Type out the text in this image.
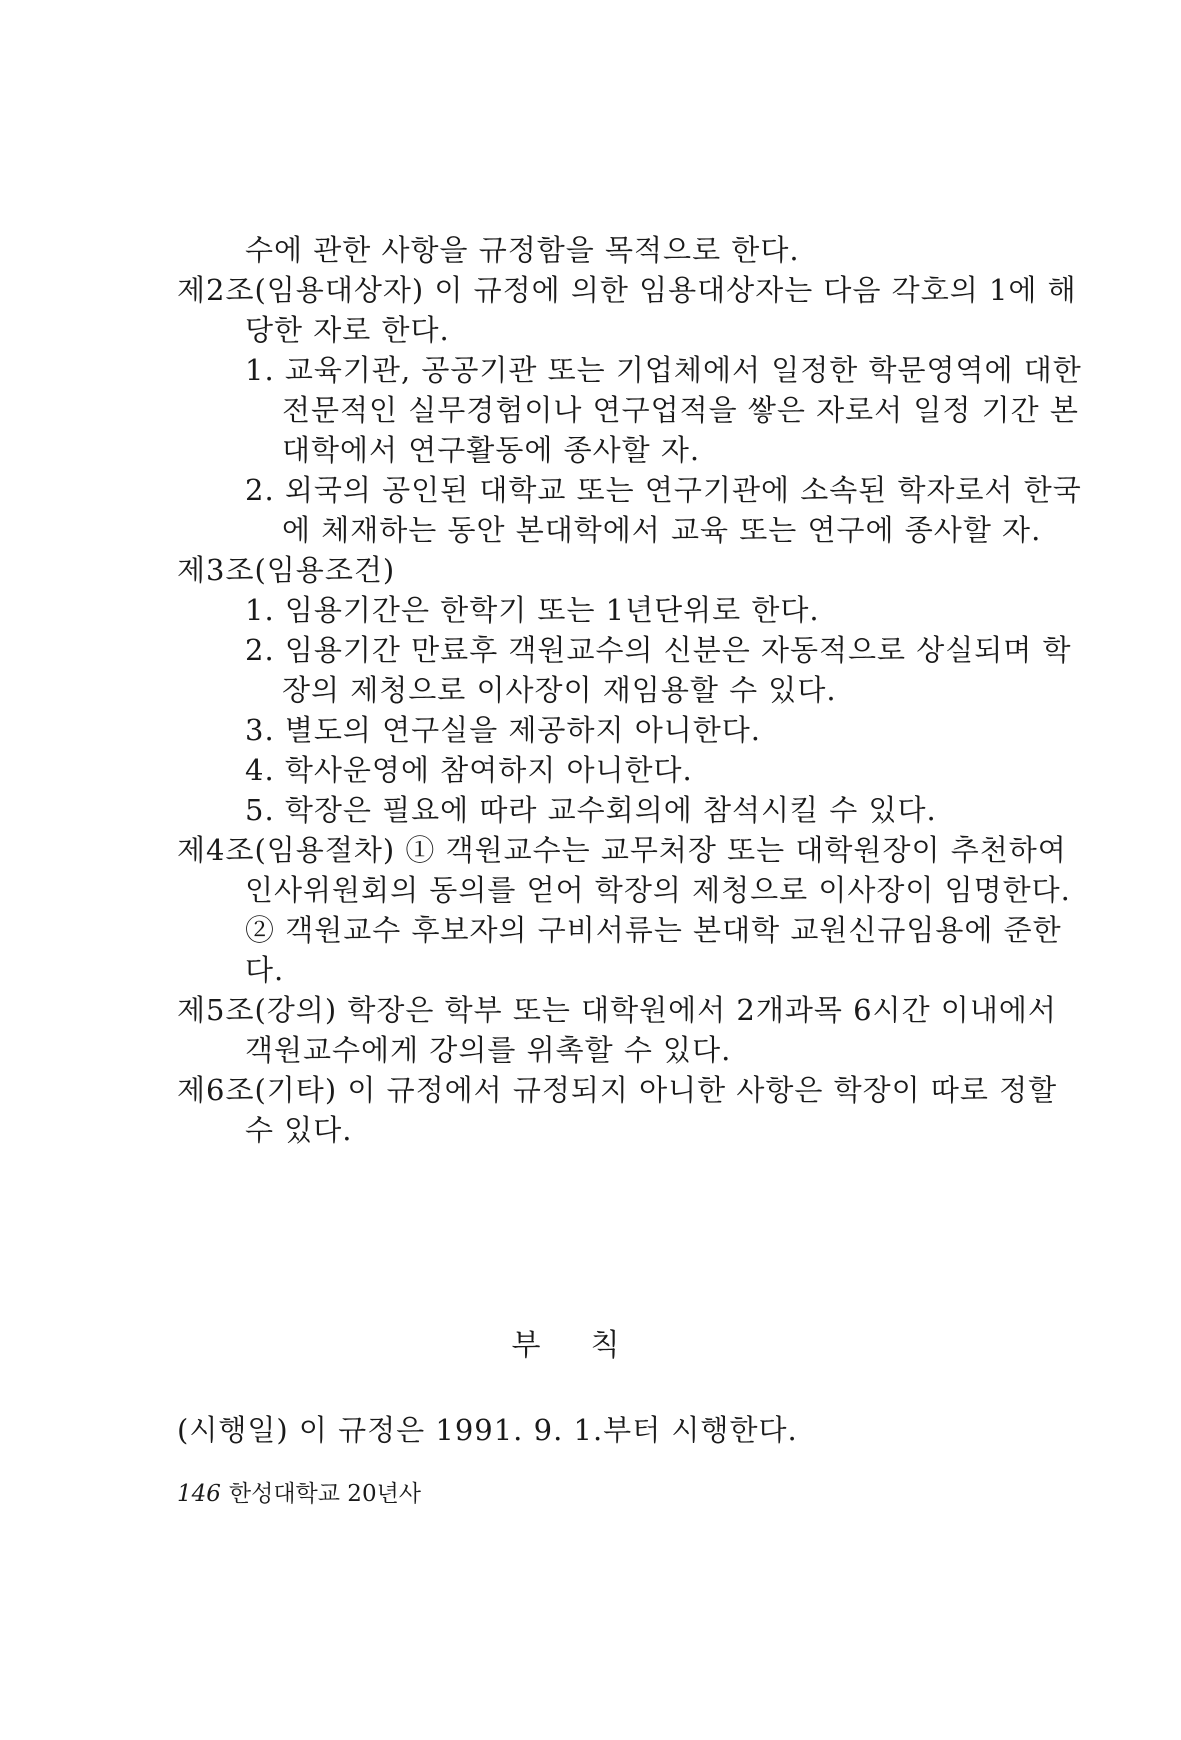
수에 관한 사항을 규정함을 목적으로 한다.
제2조(임용대상자) 이 규정에 의한 임용대상자는 다음 각호의 1에 해
당한 자로 한다.
1. 교육기관, 공공기관 또는 기업체에서 일정한 학문영역에 대한
전문적인 실무경험이나 연구업적을 쌓은 자로서 일정 기간 본
대학에서 연구활동에 종사할 자.
2. 외국의 공인된 대학교 또는 연구기관에 소속된 학자로서 한국
에 체재하는 동안 본대학에서 교육 또는 연구에 종사할 자.
제3조(임용조건)
1. 임용기간은 한학기 또는 1년단위로 한다.
2. 임용기간 만료후 객원교수의 신분은 자동적으로 상실되며 학
장의 제청으로 이사장이 재임용할 수 있다.
3. 별도의 연구실을 제공하지 아니한다.
4. 학사운영에 참여하지 아니한다.
5. 학장은 필요에 따라 교수회의에 참석시킬 수 있다.
제4조(임용절차) ① 객원교수는 교무처장 또는 대학원장이 추천하여
인사위원회의 동의를 얻어 학장의 제청으로 이사장이 임명한다.
② 객원교수 후보자의 구비서류는 본대학 교원신규임용에 준한
다.
제5조(강의) 학장은 학부 또는 대학원에서 2개과목 6시간 이내에서
객원교수에게 강의를 위촉할 수 있다.
제6조(기타) 이 규정에서 규정되지 아니한 사항은 학장이 따로 정할
수 있다.
부칙
(시행일) 이 규정은 1991. 9. 1.부터 시행한다.
146 한성대학교 20년사
